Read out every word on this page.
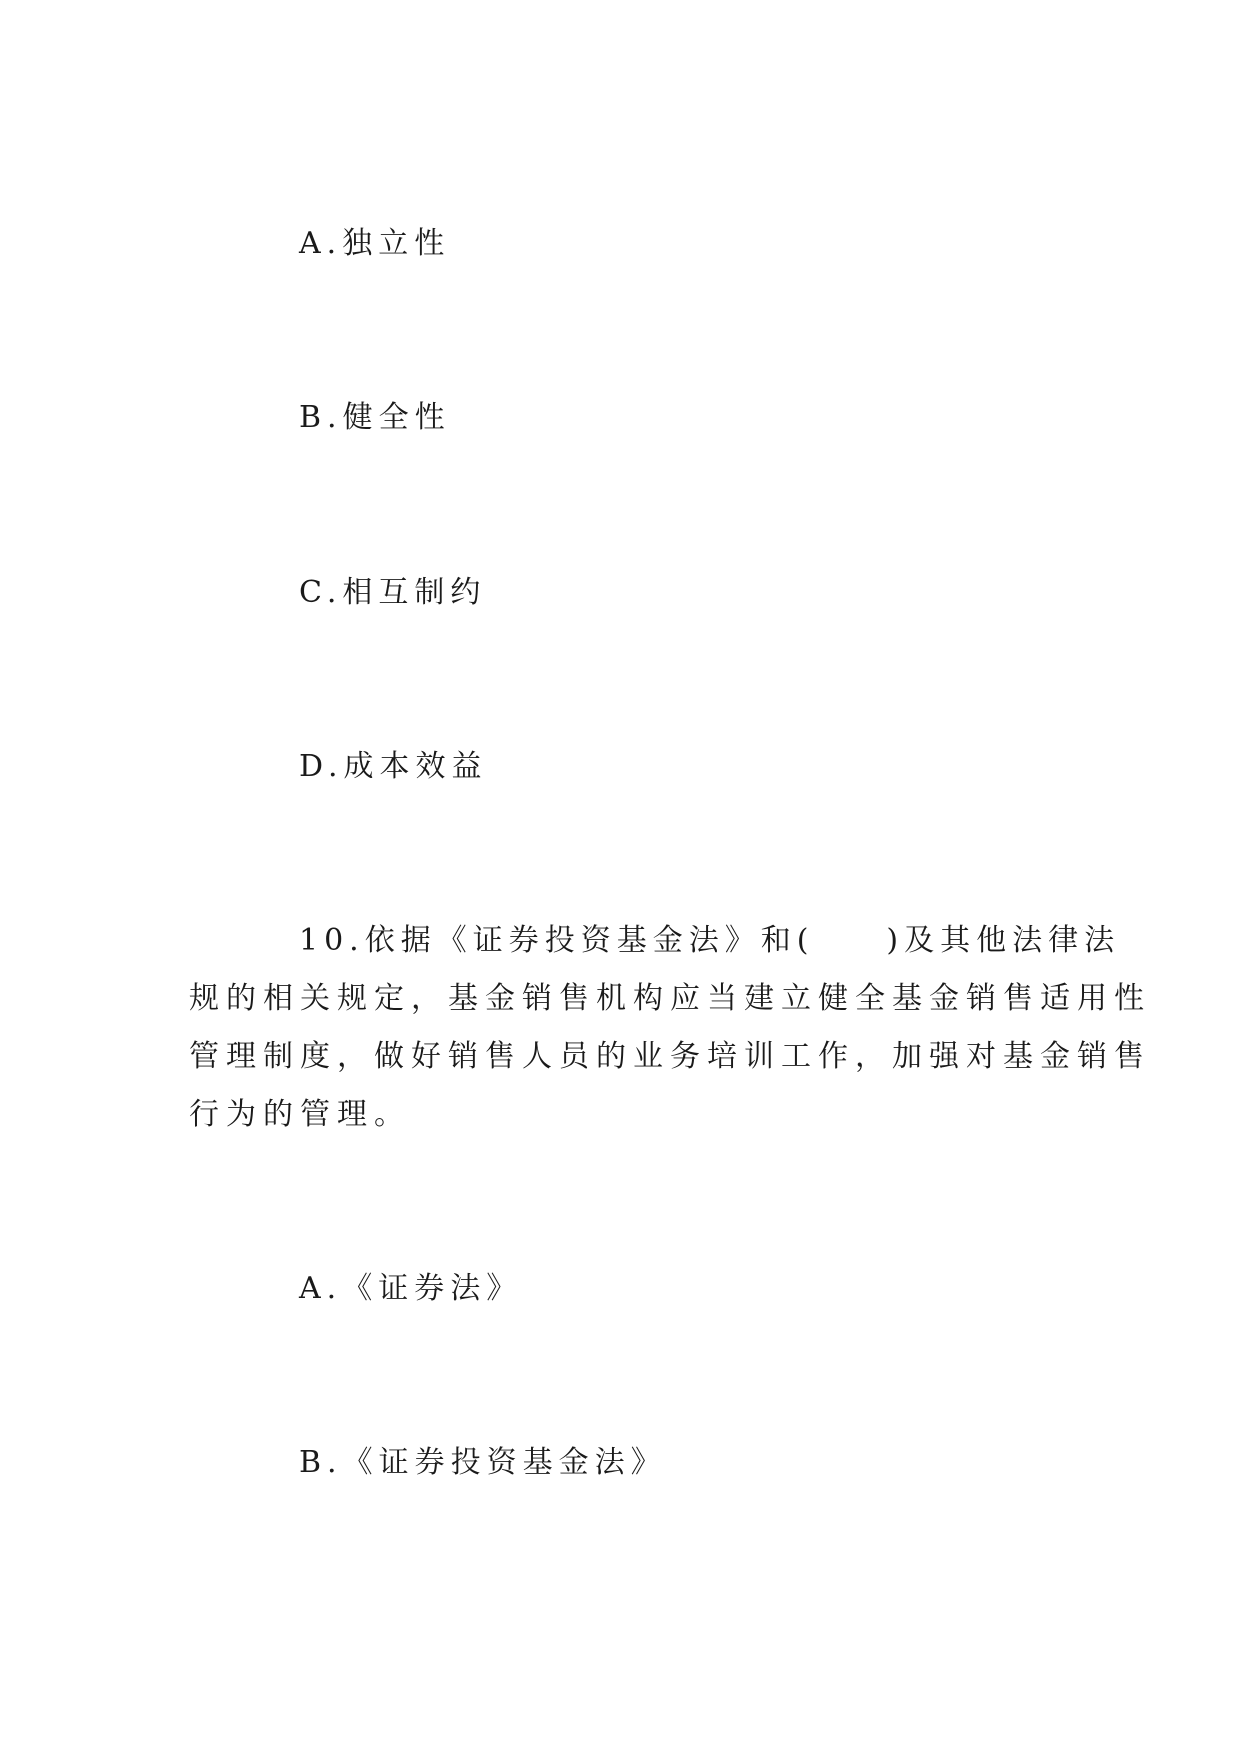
A.独立性
B.健全性
C.相互制约
D.成本效益
10.依据《证券投资基金法》和(　　)及其他法律法
规的相关规定，基金销售机构应当建立健全基金销售适用性
管理制度，做好销售人员的业务培训工作，加强对基金销售
行为的管理。
A.《证券法》
B.《证券投资基金法》
